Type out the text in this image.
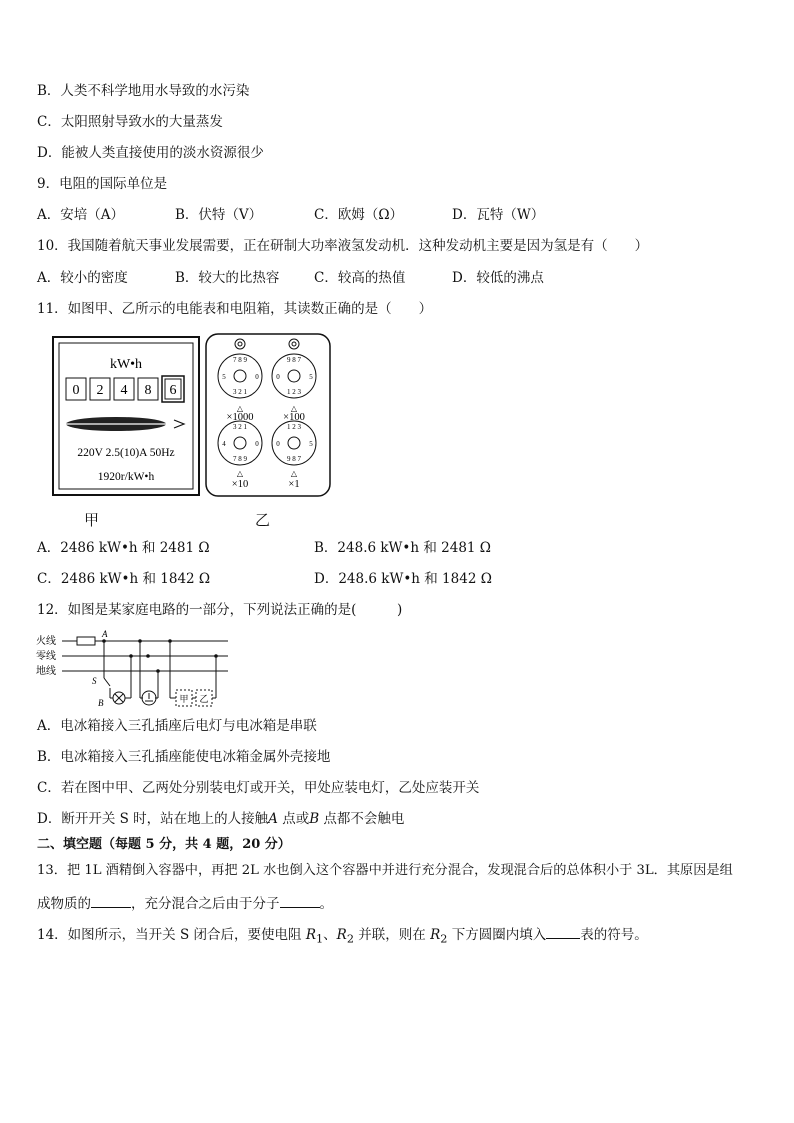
B．人类不科学地用水导致的水污染
C．太阳照射导致水的大量蒸发
D．能被人类直接使用的淡水资源很少
9．电阻的国际单位是
A．安培（A）	B．伏特（V）	C．欧姆（Ω）	D．瓦特（W）
10．我国随着航天事业发展需要，正在研制大功率液氢发动机．这种发动机主要是因为氢是有（　　）
A．较小的密度	B．较大的比热容	C．较高的热值	D．较低的沸点
11．如图甲、乙所示的电能表和电阻箱，其读数正确的是（　　）
kW•h
0 2 4 8 6
220V 2.5(10)A 50Hz
1920r/kW•h
甲
7 8 9
3 2 1
5	0
△
×1000
9 8 7
1 2 3
0	5
△
×100
3 2 1
7 8 9
4	0
△
×10
1 2 3
9 8 7
0	5
△
×1
乙
A．2486 kW•h 和 2481 Ω	B．248.6 kW•h 和 2481 Ω
C．2486 kW•h 和 1842 Ω	D．248.6 kW•h 和 1842 Ω
12．如图是某家庭电路的一部分，下列说法正确的是(　　　)
火线
零线
地线
A
S
B	甲 乙
A．电冰箱接入三孔插座后电灯与电冰箱是串联
B．电冰箱接入三孔插座能使电冰箱金属外壳接地
C．若在图中甲、乙两处分别装电灯或开关，甲处应装电灯，乙处应装开关
D．断开开关 S 时，站在地上的人接触A 点或B 点都不会触电
二、填空题（每题 5 分，共 4 题，20 分）
13．把 1L 酒精倒入容器中，再把 2L 水也倒入这个容器中并进行充分混合，发现混合后的总体积小于 3L．其原因是组
成物质的	，充分混合之后由于分子	。
14．如图所示，当开关 S 闭合后，要使电阻 $R_1$、$R_2$ 并联，则在 $R_2$ 下方圆圈内填入	表的符号。
